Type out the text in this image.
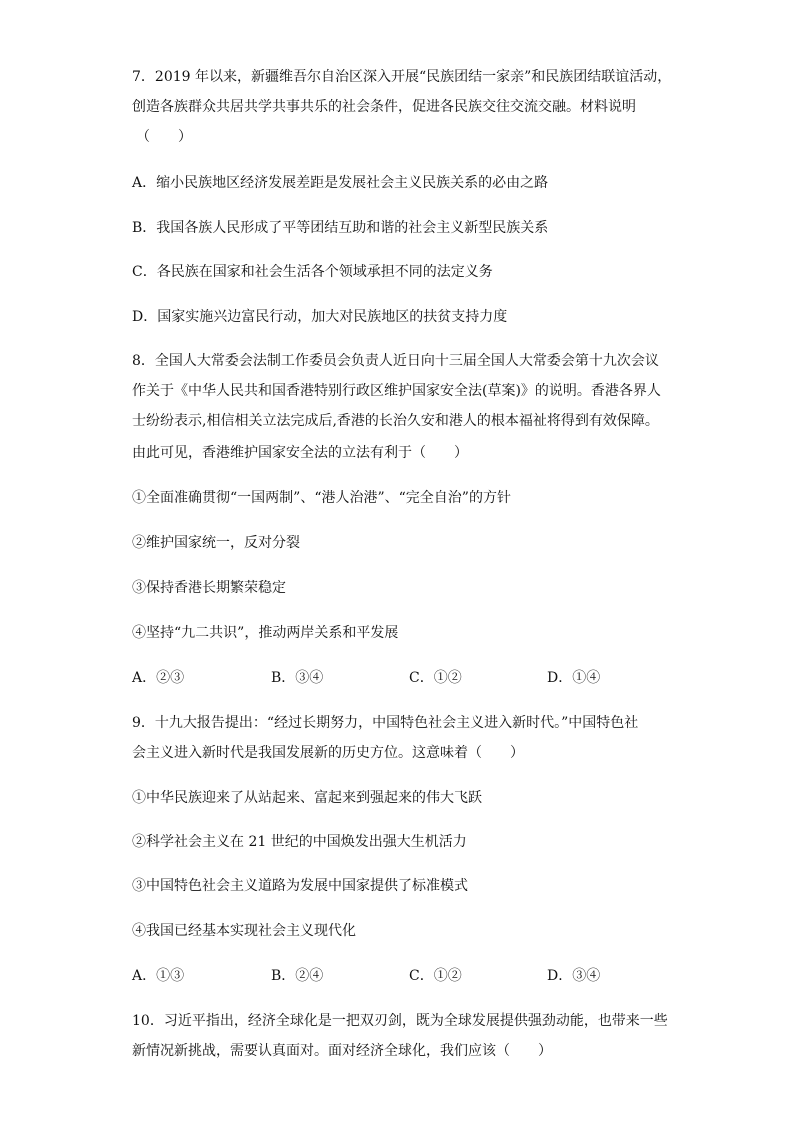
7．2019 年以来，新疆维吾尔自治区深入开展“民族团结一家亲”和民族团结联谊活动，
创造各族群众共居共学共事共乐的社会条件，促进各民族交往交流交融。材料说明
（　　）
A．缩小民族地区经济发展差距是发展社会主义民族关系的必由之路
B．我国各族人民形成了平等团结互助和谐的社会主义新型民族关系
C．各民族在国家和社会生活各个领域承担不同的法定义务
D．国家实施兴边富民行动，加大对民族地区的扶贫支持力度
8．全国人大常委会法制工作委员会负责人近日向十三届全国人大常委会第十九次会议
作关于《中华人民共和国香港特别行政区维护国家安全法(草案)》的说明。香港各界人
士纷纷表示,相信相关立法完成后,香港的长治久安和港人的根本福祉将得到有效保障。
由此可见，香港维护国家安全法的立法有利于（　　）
①全面准确贯彻“一国两制”、“港人治港”、“完全自治”的方针
②维护国家统一，反对分裂
③保持香港长期繁荣稳定
④坚持“九二共识”，推动两岸关系和平发展
A．②③	B．③④	C．①②	D．①④
9．十九大报告提出：“经过长期努力，中国特色社会主义进入新时代。”中国特色社
会主义进入新时代是我国发展新的历史方位。这意味着（　　）
①中华民族迎来了从站起来、富起来到强起来的伟大飞跃
②科学社会主义在 21 世纪的中国焕发出强大生机活力
③中国特色社会主义道路为发展中国家提供了标准模式
④我国已经基本实现社会主义现代化
A．①③	B．②④	C．①②	D．③④
10．习近平指出，经济全球化是一把双刃剑，既为全球发展提供强劲动能，也带来一些
新情况新挑战，需要认真面对。面对经济全球化，我们应该（　　）
